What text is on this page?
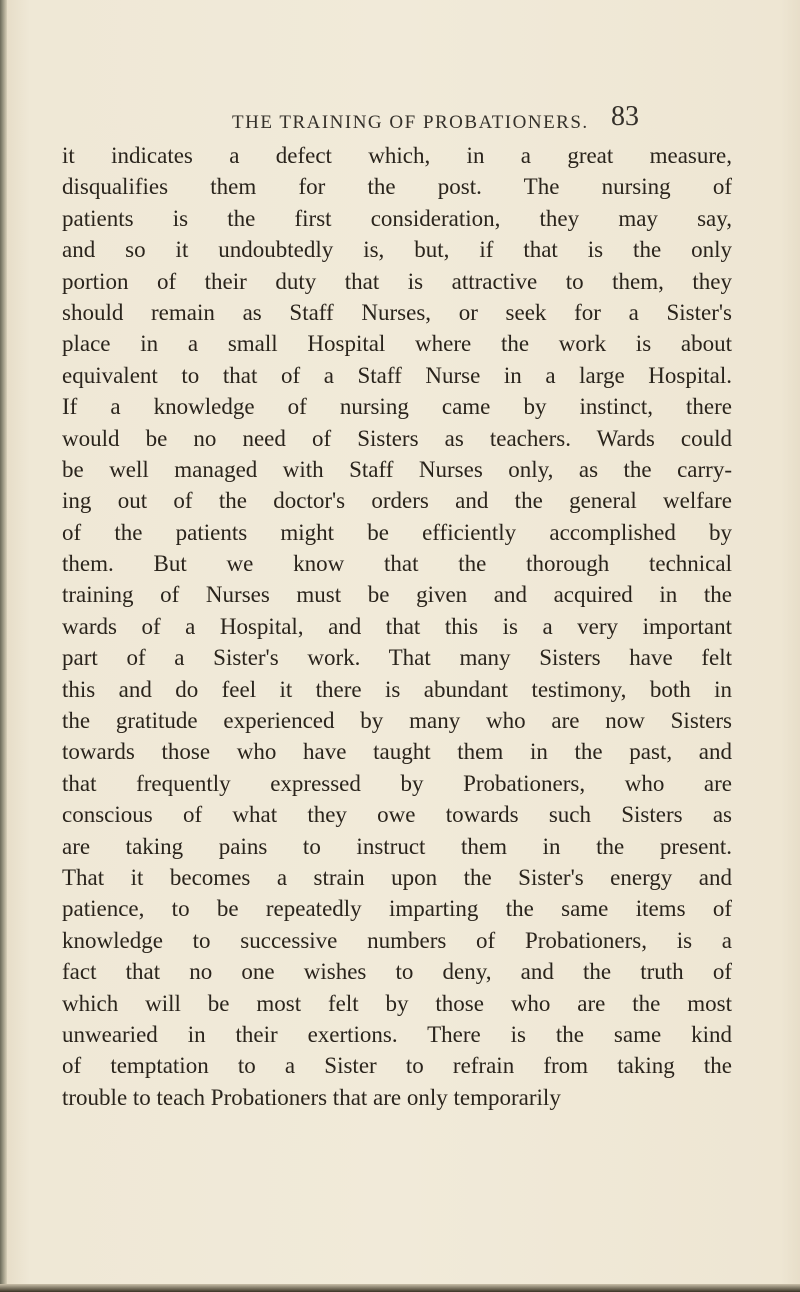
THE TRAINING OF PROBATIONERS. 83
it indicates a defect which, in a great measure,
disqualifies them for the post. The nursing of
patients is the first consideration, they may say,
and so it undoubtedly is, but, if that is the only
portion of their duty that is attractive to them, they
should remain as Staff Nurses, or seek for a Sister's
place in a small Hospital where the work is about
equivalent to that of a Staff Nurse in a large Hospital.
If a knowledge of nursing came by instinct, there
would be no need of Sisters as teachers. Wards could
be well managed with Staff Nurses only, as the carry-
ing out of the doctor's orders and the general welfare
of the patients might be efficiently accomplished by
them. But we know that the thorough technical
training of Nurses must be given and acquired in the
wards of a Hospital, and that this is a very important
part of a Sister's work. That many Sisters have felt
this and do feel it there is abundant testimony, both in
the gratitude experienced by many who are now Sisters
towards those who have taught them in the past, and
that frequently expressed by Probationers, who are
conscious of what they owe towards such Sisters as
are taking pains to instruct them in the present.
That it becomes a strain upon the Sister's energy and
patience, to be repeatedly imparting the same items of
knowledge to successive numbers of Probationers, is a
fact that no one wishes to deny, and the truth of
which will be most felt by those who are the most
unwearied in their exertions. There is the same kind
of temptation to a Sister to refrain from taking the
trouble to teach Probationers that are only temporarily
